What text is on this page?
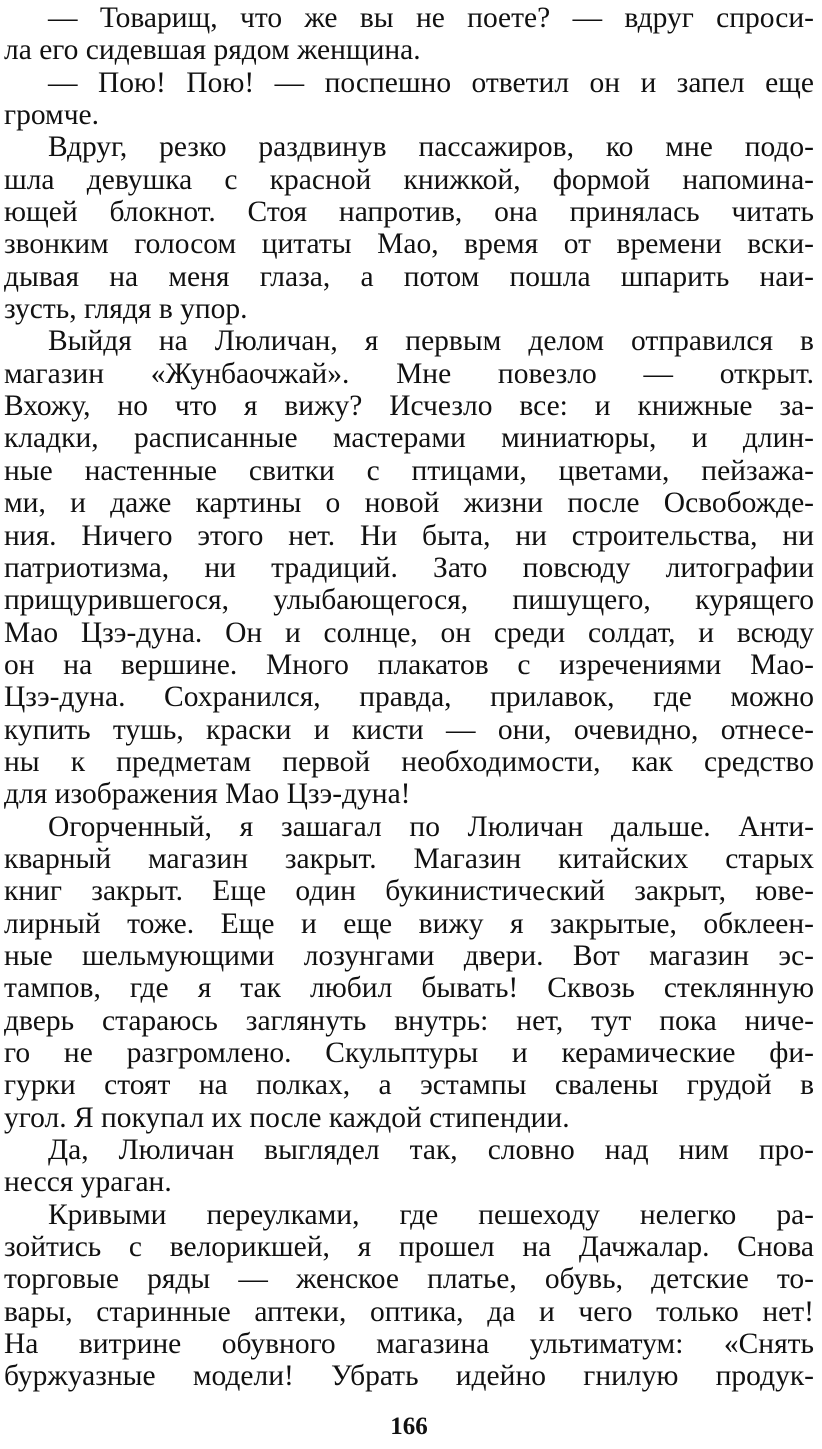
— Товарищ, что же вы не поете? — вдруг спроси-
ла его сидевшая рядом женщина.
— Пою! Пою! — поспешно ответил он и запел еще
громче.
Вдруг, резко раздвинув пассажиров, ко мне подо-
шла девушка с красной книжкой, формой напомина-
ющей блокнот. Стоя напротив, она принялась читать
звонким голосом цитаты Мао, время от времени вски-
дывая на меня глаза, а потом пошла шпарить наи-
зусть, глядя в упор.
Выйдя на Люличан, я первым делом отправился в
магазин «Жунбаочжай». Мне повезло — открыт.
Вхожу, но что я вижу? Исчезло все: и книжные за-
кладки, расписанные мастерами миниатюры, и длин-
ные настенные свитки с птицами, цветами, пейзажа-
ми, и даже картины о новой жизни после Освобожде-
ния. Ничего этого нет. Ни быта, ни строительства, ни
патриотизма, ни традиций. Зато повсюду литографии
прищурившегося, улыбающегося, пишущего, курящего
Мао Цзэ-дуна. Он и солнце, он среди солдат, и всюду
он на вершине. Много плакатов с изречениями Мао-
Цзэ-дуна. Сохранился, правда, прилавок, где можно
купить тушь, краски и кисти — они, очевидно, отнесе-
ны к предметам первой необходимости, как средство
для изображения Мао Цзэ-дуна!
Огорченный, я зашагал по Люличан дальше. Анти-
кварный магазин закрыт. Магазин китайских старых
книг закрыт. Еще один букинистический закрыт, юве-
лирный тоже. Еще и еще вижу я закрытые, обклеен-
ные шельмующими лозунгами двери. Вот магазин эс-
тампов, где я так любил бывать! Сквозь стеклянную
дверь стараюсь заглянуть внутрь: нет, тут пока ниче-
го не разгромлено. Скульптуры и керамические фи-
гурки стоят на полках, а эстампы свалены грудой в
угол. Я покупал их после каждой стипендии.
Да, Люличан выглядел так, словно над ним про-
несся ураган.
Кривыми переулками, где пешеходу нелегко ра-
зойтись с велорикшей, я прошел на Дачжалар. Снова
торговые ряды — женское платье, обувь, детские то-
вары, старинные аптеки, оптика, да и чего только нет!
На витрине обувного магазина ультиматум: «Снять
буржуазные модели! Убрать идейно гнилую продук-
166
